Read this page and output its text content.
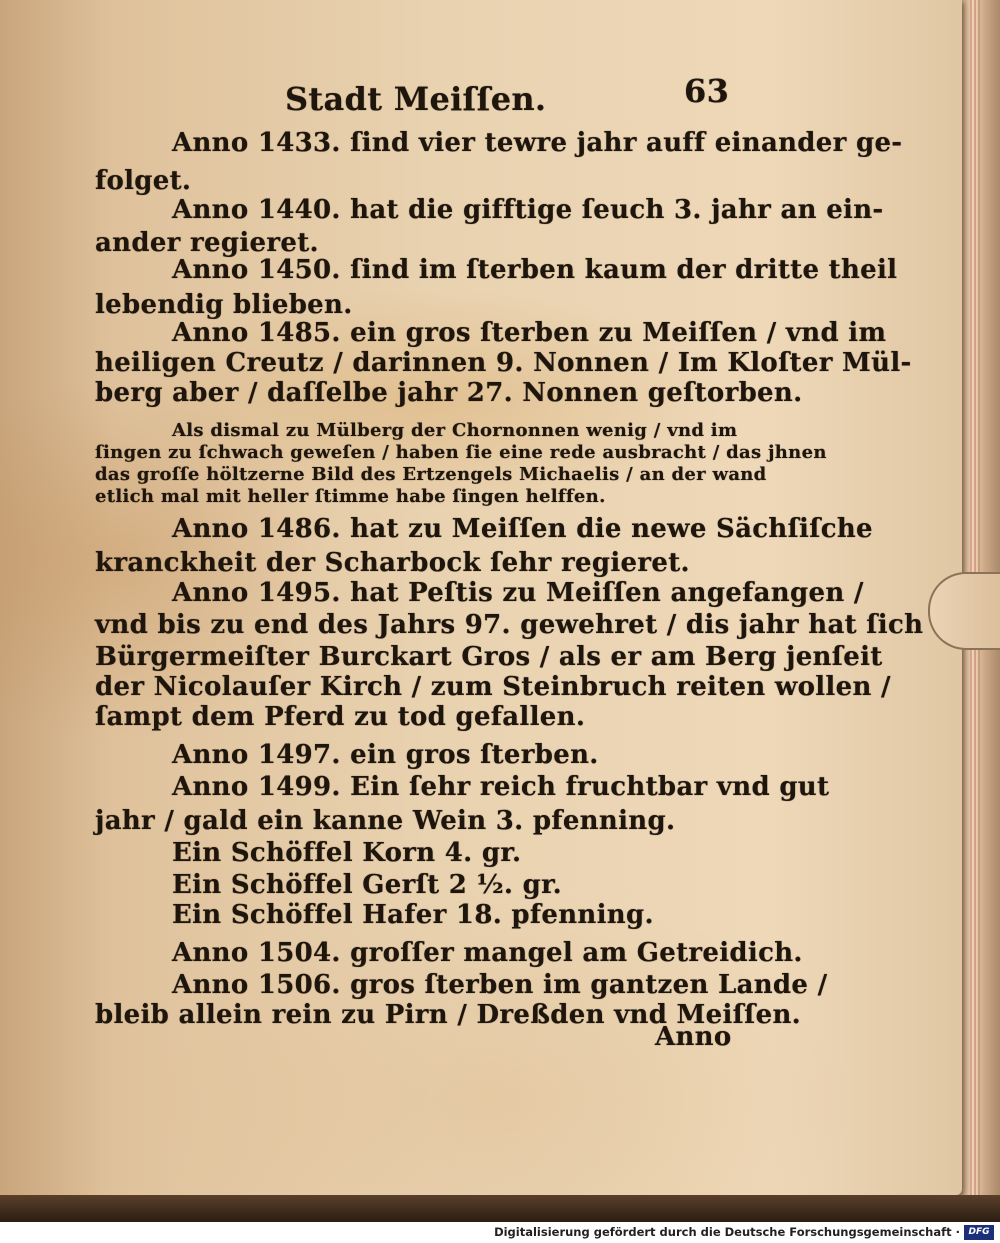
Stadt Meiſſen.	63
Anno 1433. ſind vier tewre jahr auff einander ge-
folget.
Anno 1440. hat die gifftige ſeuch 3. jahr an ein-
ander regieret.
Anno 1450. ſind im ſterben kaum der dritte theil
lebendig blieben.
Anno 1485. ein gros ſterben zu Meiſſen / vnd im
heiligen Creutz / darinnen 9. Nonnen / Im Kloſter Mül-
berg aber / daſſelbe jahr 27. Nonnen geſtorben.
Als dismal zu Mülberg der Chornonnen wenig / vnd im
ſingen zu ſchwach geweſen / haben ſie eine rede ausbracht / das jhnen
das groſſe höltzerne Bild des Ertzengels Michaelis / an der wand
etlich mal mit heller ſtimme habe ſingen helffen.
Anno 1486. hat zu Meiſſen die newe Sächſiſche
kranckheit der Scharbock ſehr regieret.
Anno 1495. hat Peſtis zu Meiſſen angefangen /
vnd bis zu end des Jahrs 97. gewehret / dis jahr hat ſich
Bürgermeiſter Burckart Gros / als er am Berg jenſeit
der Nicolauſer Kirch / zum Steinbruch reiten wollen /
ſampt dem Pferd zu tod gefallen.
Anno 1497. ein gros ſterben.
Anno 1499. Ein ſehr reich fruchtbar vnd gut
jahr / gald ein kanne Wein 3. pfenning.
Ein Schöffel Korn 4. gr.
Ein Schöffel Gerſt 2 ½. gr.
Ein Schöffel Hafer 18. pfenning.
Anno 1504. groſſer mangel am Getreidich.
Anno 1506. gros ſterben im gantzen Lande /
bleib allein rein zu Pirn / Dreßden vnd Meiſſen.
Anno
Digitalisierung gefördert durch die Deutsche Forschungsgemeinschaft · DFG
